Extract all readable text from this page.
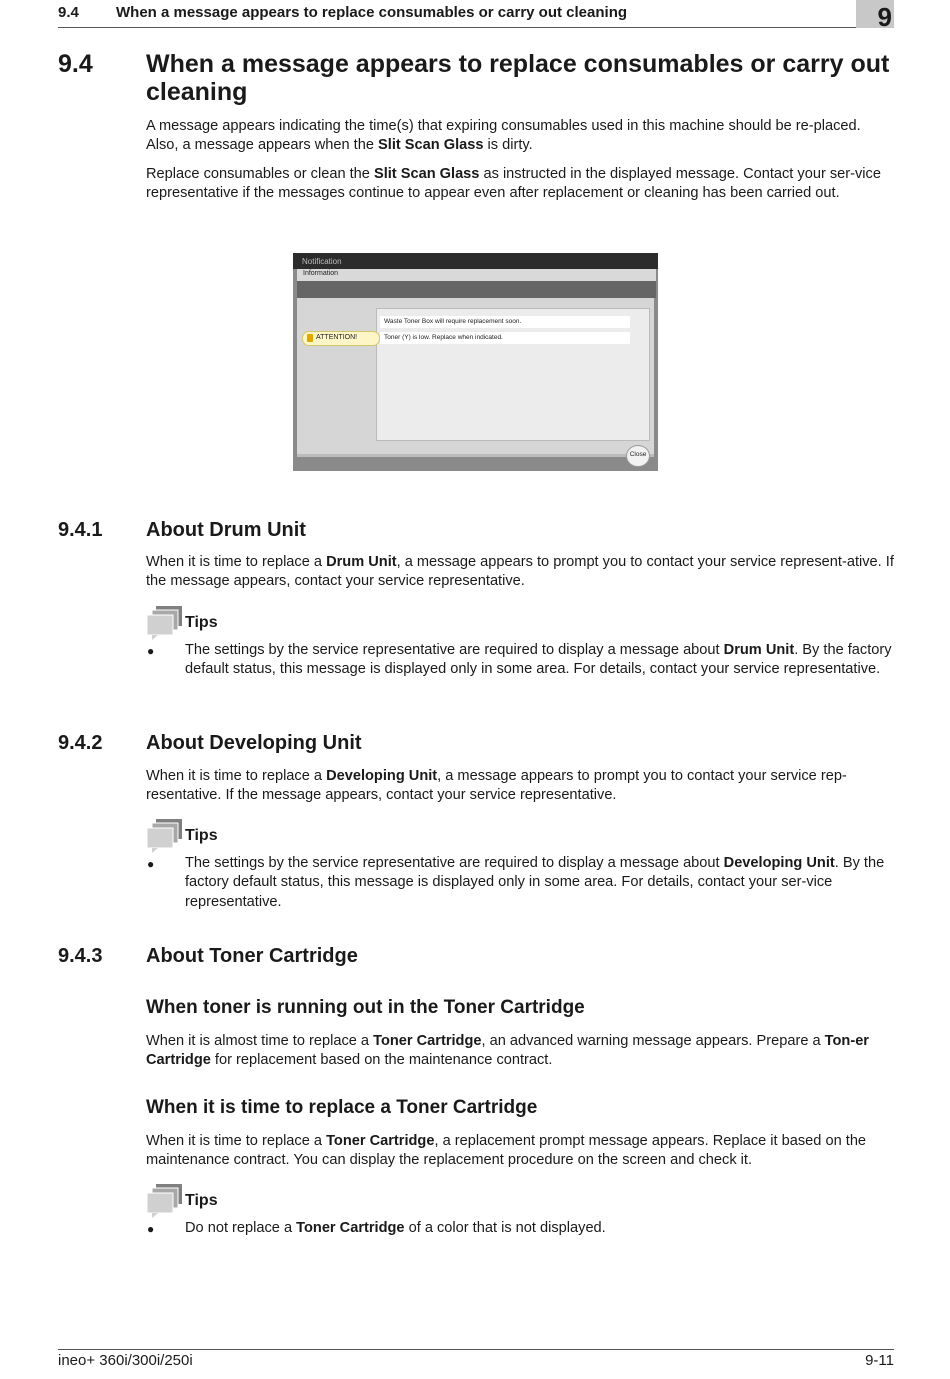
9.4 When a message appears to replace consumables or carry out cleaning	9
9.4 When a message appears to replace consumables or carry out cleaning
A message appears indicating the time(s) that expiring consumables used in this machine should be re-placed. Also, a message appears when the Slit Scan Glass is dirty.
Replace consumables or clean the Slit Scan Glass as instructed in the displayed message. Contact your ser-vice representative if the messages continue to appear even after replacement or cleaning has been carried out.
Notification
Information
Waste Toner Box will require replacement soon.
Toner (Y) is low. Replace when indicated.
ATTENTION!
Close
9.4.1 About Drum Unit
When it is time to replace a Drum Unit, a message appears to prompt you to contact your service represent-ative. If the message appears, contact your service representative.
Tips
● The settings by the service representative are required to display a message about Drum Unit. By the factory default status, this message is displayed only in some area. For details, contact your service representative.
9.4.2 About Developing Unit
When it is time to replace a Developing Unit, a message appears to prompt you to contact your service rep-resentative. If the message appears, contact your service representative.
Tips
● The settings by the service representative are required to display a message about Developing Unit. By the factory default status, this message is displayed only in some area. For details, contact your ser-vice representative.
9.4.3 About Toner Cartridge
When toner is running out in the Toner Cartridge
When it is almost time to replace a Toner Cartridge, an advanced warning message appears. Prepare a Ton-er Cartridge for replacement based on the maintenance contract.
When it is time to replace a Toner Cartridge
When it is time to replace a Toner Cartridge, a replacement prompt message appears. Replace it based on the maintenance contract. You can display the replacement procedure on the screen and check it.
Tips
● Do not replace a Toner Cartridge of a color that is not displayed.
ineo+ 360i/300i/250i	9-11
